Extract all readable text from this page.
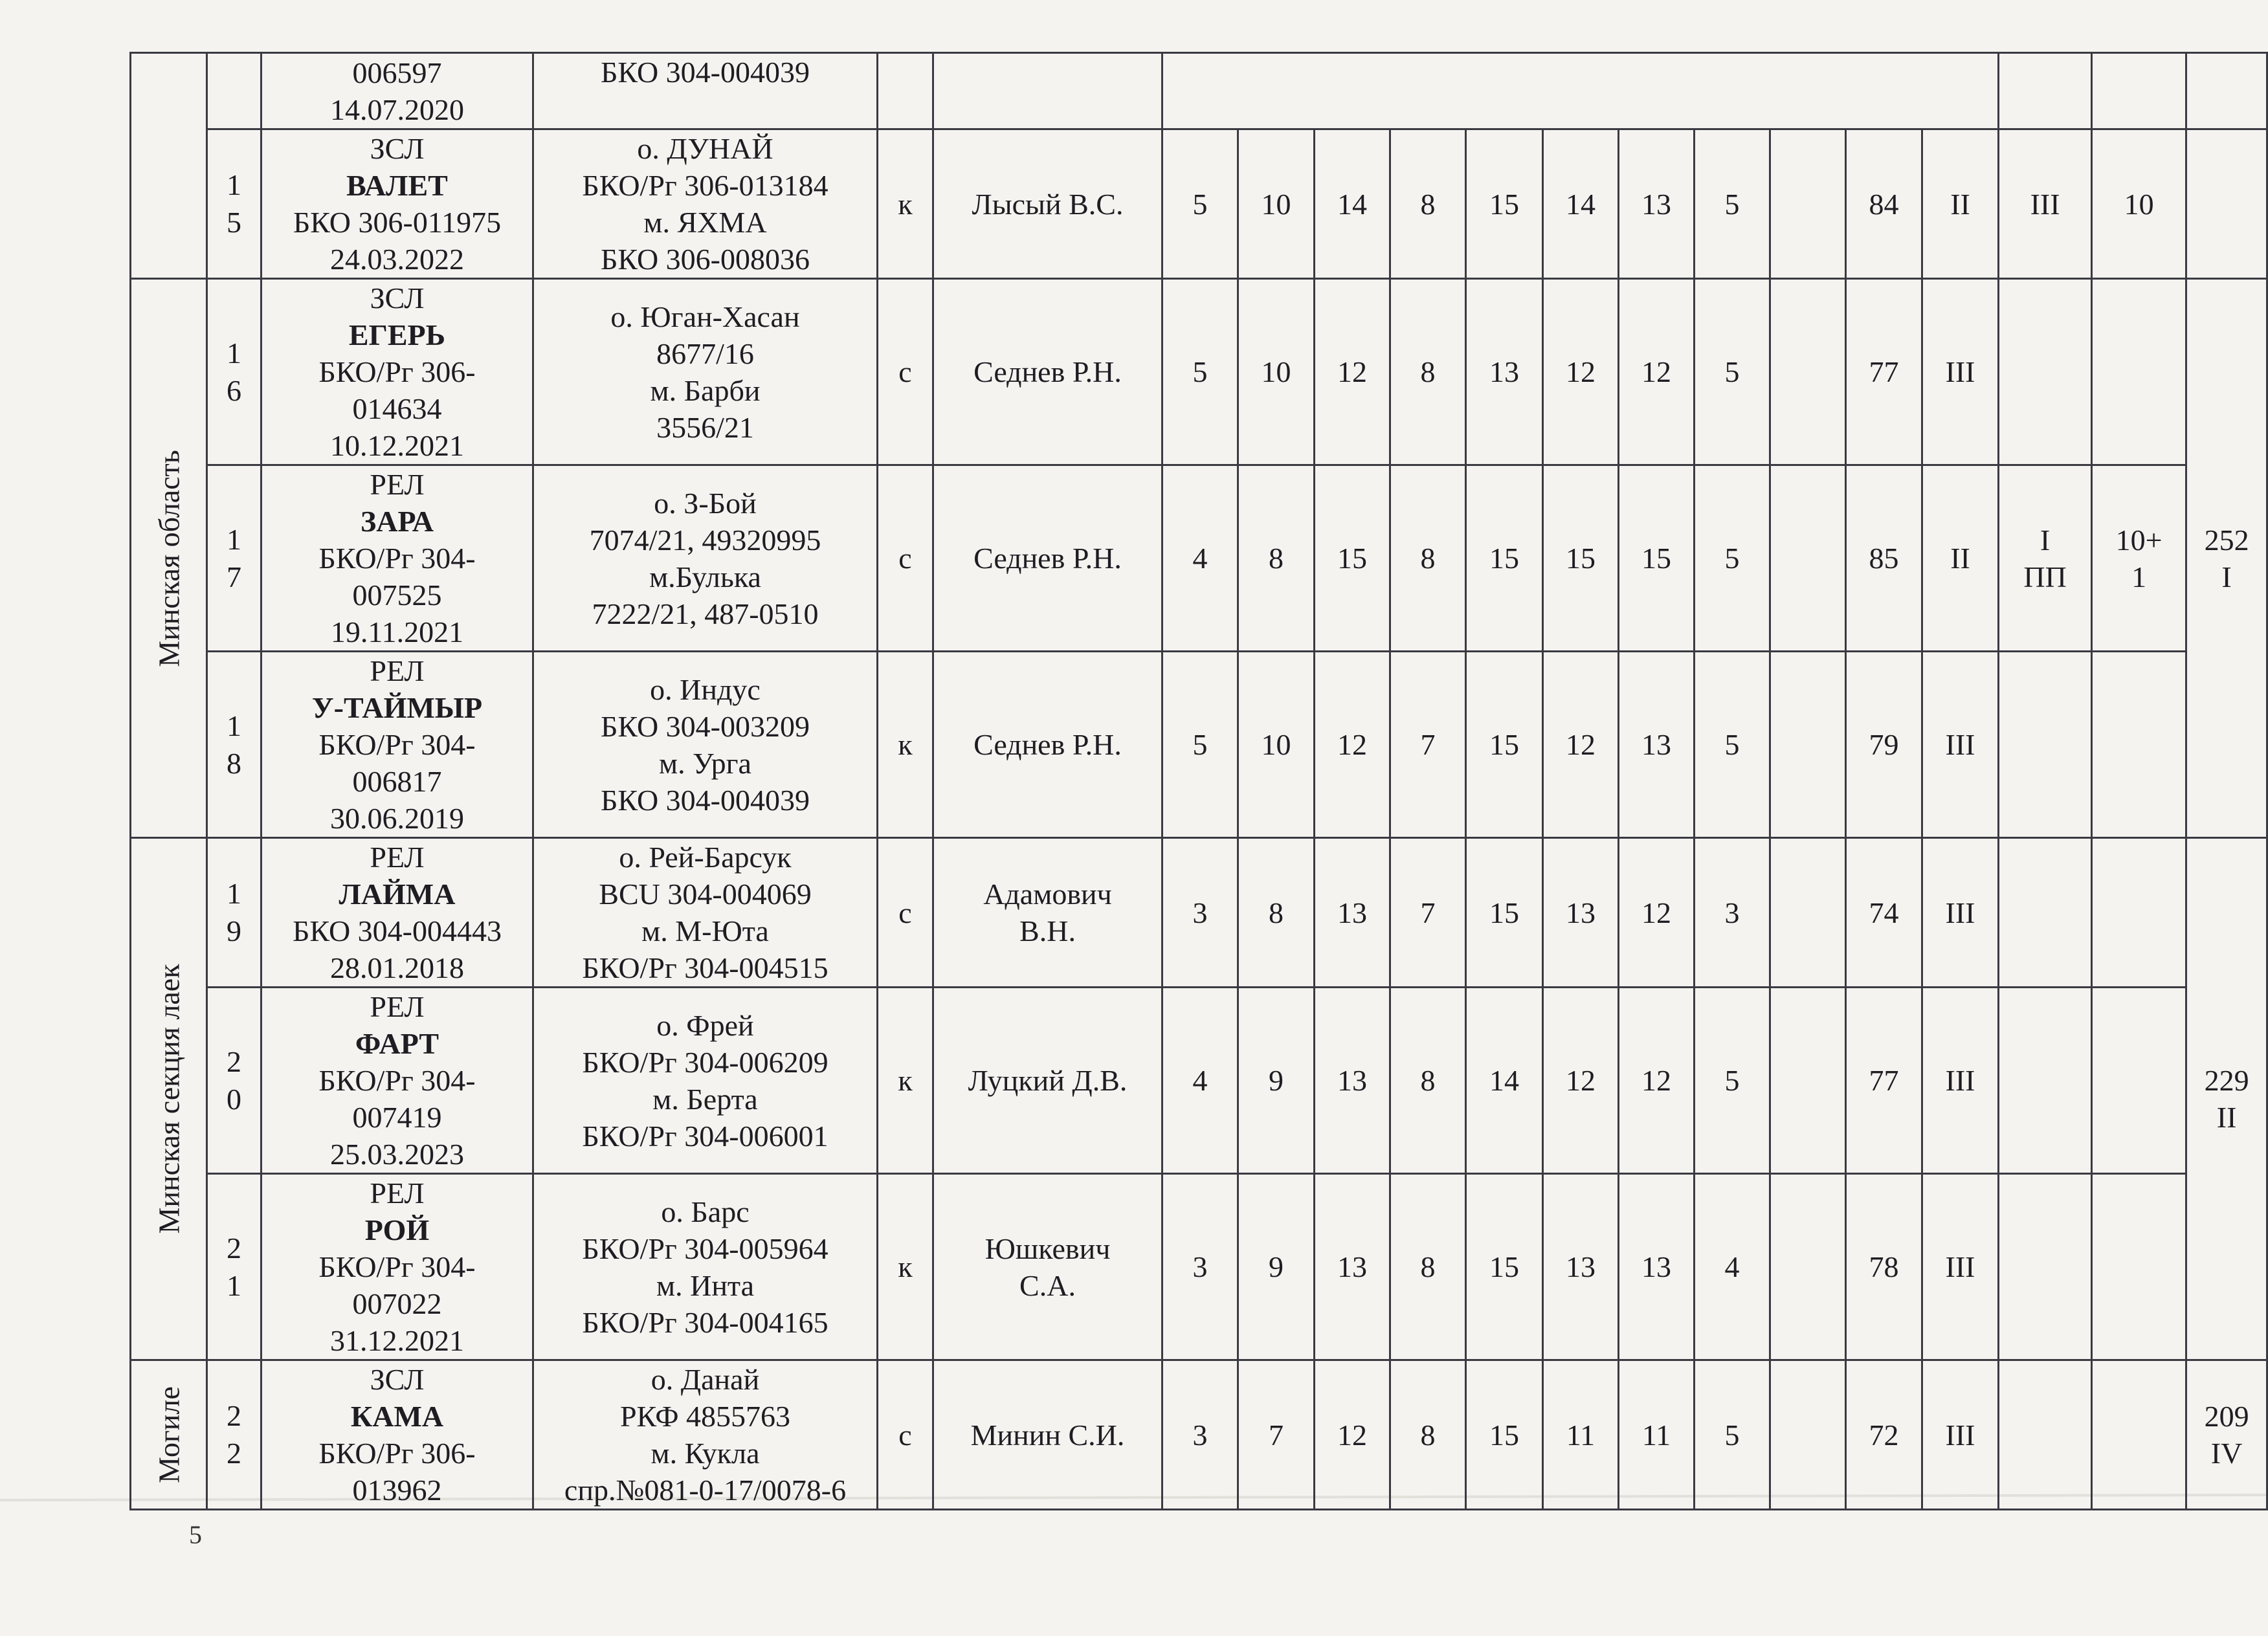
		006597
14.07.2020	БКО 304-004039																

	1
5	ЗСЛ
ВАЛЕТ
БКО 306-011975
24.03.2022	о. ДУНАЙ
БКО/Рг 306-013184
м. ЯХМА
БКО 306-008036	к	Лысый В.С.	5	10	14	8	15	14	13	5		84	II	III	10	

Минская область	1
6	ЗСЛ
ЕГЕРЬ
БКО/Рг 306-
014634
10.12.2021	о. Юган-Хасан
8677/16
м. Барби
3556/21	с	Седнев Р.Н.	5	10	12	8	13	12	12	5		77	III			252
I

	1
7	РЕЛ
ЗАРА
БКО/Рг 304-
007525
19.11.2021	о. З-Бой
7074/21, 49320995
м.Булька
7222/21, 487-0510	с	Седнев Р.Н.	4	8	15	8	15	15	15	5		85	II	I
ПП	10+
1	

	1
8	РЕЛ
У-ТАЙМЫР
БКО/Рг 304-
006817
30.06.2019	о. Индус
БКО 304-003209
м. Урга
БКО 304-004039	к	Седнев Р.Н.	5	10	12	7	15	12	13	5		79	III			

Минская секция лаек	1
9	РЕЛ
ЛАЙМА
БКО 304-004443
28.01.2018	о. Рей-Барсук
BCU 304-004069
м. М-Юта
БКО/Рг 304-004515	с	Адамович
В.Н.	3	8	13	7	15	13	12	3		74	III			229
II

	2
0	РЕЛ
ФАРТ
БКО/Рг 304-
007419
25.03.2023	о. Фрей
БКО/Рг 304-006209
м. Берта
БКО/Рг 304-006001	к	Луцкий Д.В.	4	9	13	8	14	12	12	5		77	III			

	2
1	РЕЛ
РОЙ
БКО/Рг 304-
007022
31.12.2021	о. Барс
БКО/Рг 304-005964
м. Инта
БКО/Рг 304-004165	к	Юшкевич
С.А.	3	9	13	8	15	13	13	4		78	III			

Могиле	2
2	ЗСЛ
КАМА
БКО/Рг 306-
013962	о. Данай
РКФ 4855763
м. Кукла
спр.№081-0-17/0078-6	с	Минин С.И.	3	7	12	8	15	11	11	5		72	III			209
IV
5
